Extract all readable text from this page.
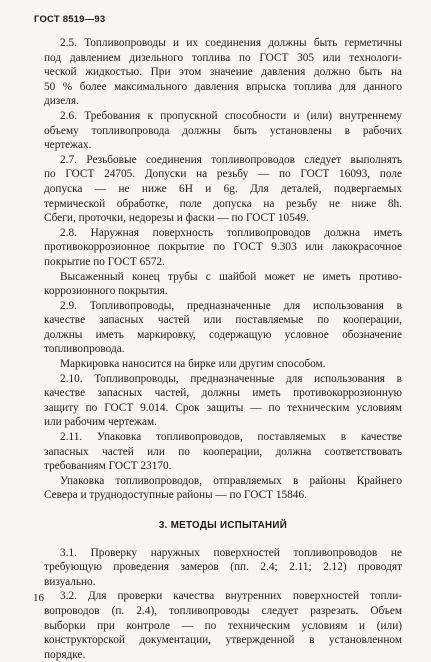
ГОСТ 8519—93
2.5. Топливопроводы и их соединения должны быть герметичны
под давлением дизельного топлива по ГОСТ 305 или технологи-
ческой жидкостью. При этом значение давления должно быть на
50 % более максимального давления впрыска топлива для данного
дизеля.
2.6. Требования к пропускной способности и (или) внутреннему
объему топливопровода должны быть установлены в рабочих
чертежах.
2.7. Резьбовые соединения топливопроводов следует выполнять
по ГОСТ 24705. Допуски на резьбу — по ГОСТ 16093, поле
допуска — не ниже 6H и 6g. Для деталей, подвергаемых
термической обработке, поле допуска на резьбу не ниже 8h.
Сбеги, проточки, недорезы и фаски — по ГОСТ 10549.
2.8. Наружная поверхность топливопроводов должна иметь
противокоррозионное покрытие по ГОСТ 9.303 или лакокрасочное
покрытие по ГОСТ 6572.
Высаженный конец трубы с шайбой может не иметь противо-
коррозионного покрытия.
2.9. Топливопроводы, предназначенные для использования в
качестве запасных частей или поставляемые по кооперации,
должны иметь маркировку, содержащую условное обозначение
топливопровода.
Маркировка наносится на бирке или другим способом.
2.10. Топливопроводы, предназначенные для использования в
качестве запасных частей, должны иметь противокоррозионную
защиту по ГОСТ 9.014. Срок защиты — по техническим условиям
или рабочим чертежам.
2.11. Упаковка топливопроводов, поставляемых в качестве
запасных частей или по кооперации, должна соответствовать
требованиям ГОСТ 23170.
Упаковка топливопроводов, отправляемых в районы Крайнего
Севера и труднодоступные районы — по ГОСТ 15846.
3. МЕТОДЫ ИСПЫТАНИЙ
3.1. Проверку наружных поверхностей топливопроводов не
требующую проведения замеров (пп. 2.4; 2.11; 2.12) проводят
визуально.
3.2. Для проверки качества внутренних поверхностей топли-
вопроводов (п. 2.4), топливопроводы следует разрезать. Объем
выборки при контроле — по техническим условиям и (или)
конструкторской документации, утвержденной в установленном
порядке.
16
